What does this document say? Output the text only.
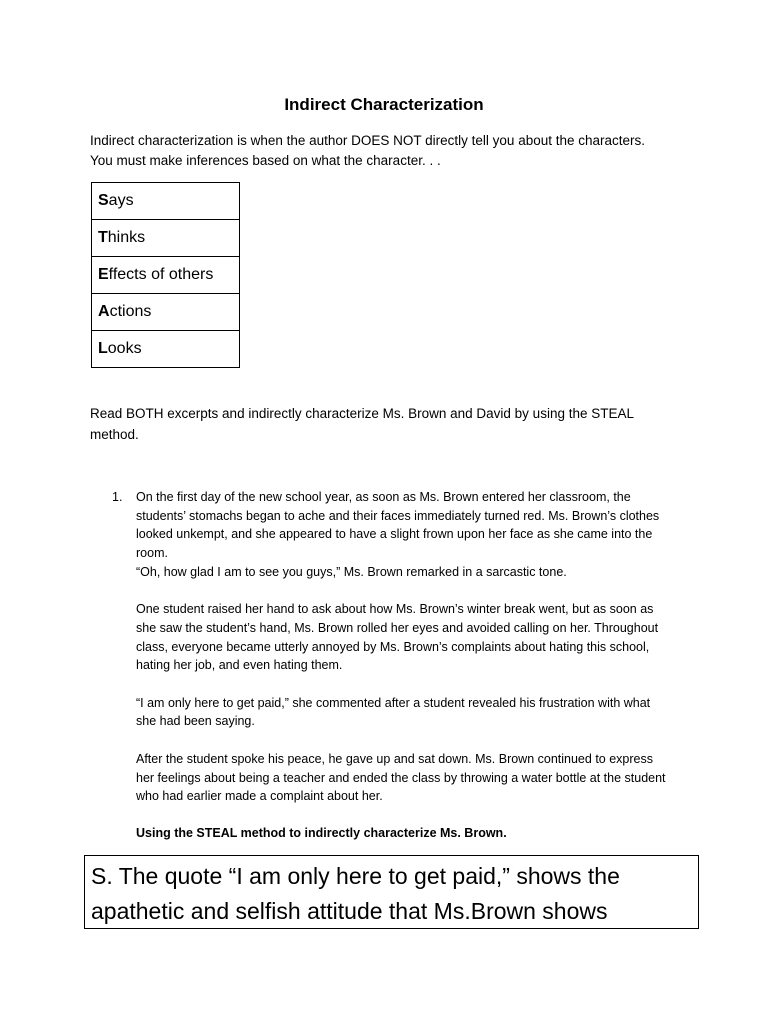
Indirect Characterization
Indirect characterization is when the author DOES NOT directly tell you about the characters.
You must make inferences based on what the character. . .
Says
Thinks
Effects of others
Actions
Looks
Read BOTH excerpts and indirectly characterize Ms. Brown and David by using the STEAL
method.
1. On the first day of the new school year, as soon as Ms. Brown entered her classroom, the
students’ stomachs began to ache and their faces immediately turned red. Ms. Brown’s clothes
looked unkempt, and she appeared to have a slight frown upon her face as she came into the
room.
“Oh, how glad I am to see you guys,” Ms. Brown remarked in a sarcastic tone.

One student raised her hand to ask about how Ms. Brown’s winter break went, but as soon as
she saw the student’s hand, Ms. Brown rolled her eyes and avoided calling on her. Throughout
class, everyone became utterly annoyed by Ms. Brown’s complaints about hating this school,
hating her job, and even hating them.

“I am only here to get paid,” she commented after a student revealed his frustration with what
she had been saying.

After the student spoke his peace, he gave up and sat down. Ms. Brown continued to express
her feelings about being a teacher and ended the class by throwing a water bottle at the student
who had earlier made a complaint about her.

Using the STEAL method to indirectly characterize Ms. Brown.
S. The quote “I am only here to get paid,” shows the
apathetic and selfish attitude that Ms.Brown shows
